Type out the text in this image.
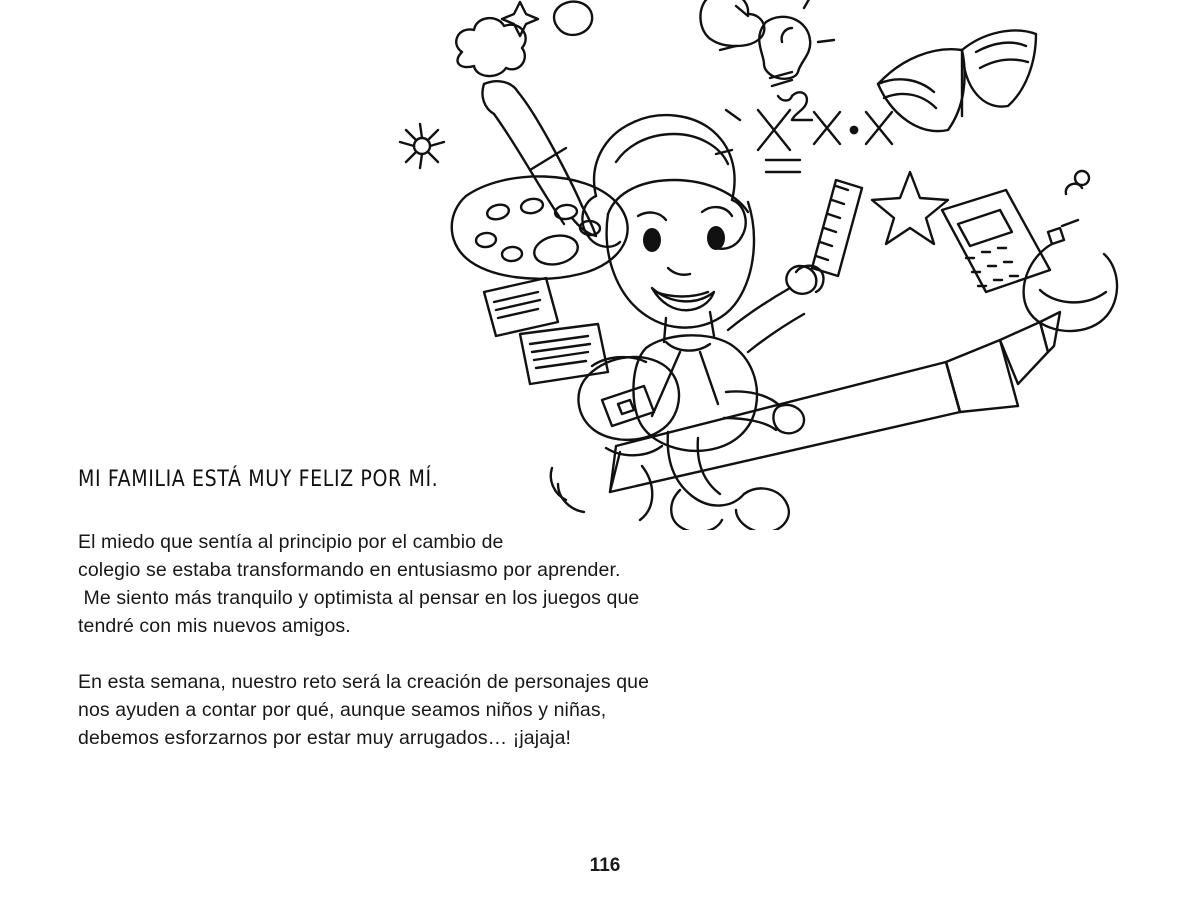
MI FAMILIA ESTÁ MUY FELIZ POR MÍ.

El miedo que sentía al principio por el cambio de
colegio se estaba transformando en entusiasmo por aprender.
Me siento más tranquilo y optimista al pensar en los juegos que
tendré con mis nuevos amigos.

En esta semana, nuestro reto será la creación de personajes que
nos ayuden a contar por qué, aunque seamos niños y niñas,
debemos esforzarnos por estar muy arrugados… ¡jajaja!

116
